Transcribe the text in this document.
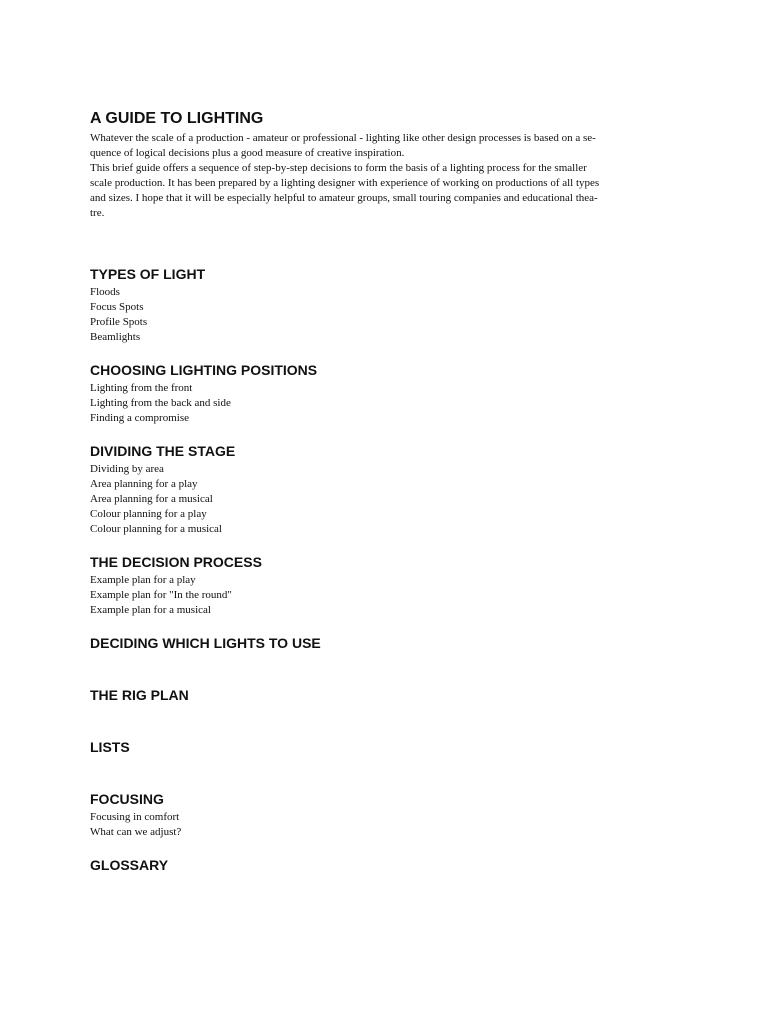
A GUIDE TO LIGHTING
Whatever the scale of a production - amateur or professional - lighting like other design processes is based on a se-
quence of logical decisions plus a good measure of creative inspiration.
This brief guide offers a sequence of step-by-step decisions to form the basis of a lighting process for the smaller
scale production. It has been prepared by a lighting designer with experience of working on productions of all types
and sizes. I hope that it will be especially helpful to amateur groups, small touring companies and educational thea-
tre.
TYPES OF LIGHT
Floods
Focus Spots
Profile Spots
Beamlights
CHOOSING LIGHTING POSITIONS
Lighting from the front
Lighting from the back and side
Finding a compromise
DIVIDING THE STAGE
Dividing by area
Area planning for a play
Area planning for a musical
Colour planning for a play
Colour planning for a musical
THE DECISION PROCESS
Example plan for a play
Example plan for "In the round"
Example plan for a musical
DECIDING WHICH LIGHTS TO USE
THE RIG PLAN
LISTS
FOCUSING
Focusing in comfort
What can we adjust?
GLOSSARY
